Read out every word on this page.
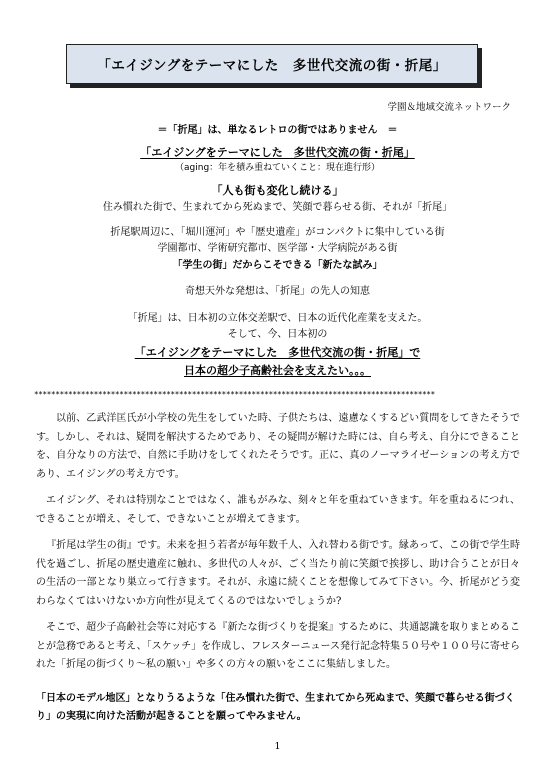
「エイジングをテーマにした　多世代交流の街・折尾」
学園＆地域交流ネットワーク

＝「折尾」は、単なるレトロの街ではありません　＝

「エイジングをテーマにした　多世代交流の街・折尾」

（aging：年を積み重ねていくこと：現在進行形）

「人も街も変化し続ける」

住み慣れた街で、生まれてから死ぬまで、笑顔で暮らせる街、それが「折尾」

折尾駅周辺に、「堀川運河」や「歴史遺産」がコンパクトに集中している街

学園都市、学術研究都市、医学部・大学病院がある街

「学生の街」だからこそできる「新たな試み」

奇想天外な発想は、「折尾」の先人の知恵

「折尾」は、日本初の立体交差駅で、日本の近代化産業を支えた。

そして、今、日本初の

「エイジングをテーマにした　多世代交流の街・折尾」で

日本の超少子高齢社会を支えたい。。。

**********************************************************************************************

以前、乙武洋匡氏が小学校の先生をしていた時、子供たちは、遠慮なくするどい質問をしてきたそうです。しかし、それは、疑問を解決するためであり、その疑問が解けた時には、自ら考え、自分にできることを、自分なりの方法で、自然に手助けをしてくれたそうです。正に、真のノーマライゼーションの考え方であり、エイジングの考え方です。

エイジング、それは特別なことではなく、誰もがみな、刻々と年を重ねていきます。年を重ねるにつれ、できることが増え、そして、できないことが増えてきます。

『折尾は学生の街』です。未来を担う若者が毎年数千人、入れ替わる街です。縁あって、この街で学生時代を過ごし、折尾の歴史遺産に触れ、多世代の人々が、ごく当たり前に笑顔で挨拶し、助け合うことが日々の生活の一部となり巣立って行きます。それが、永遠に続くことを想像してみて下さい。今、折尾がどう変わらなくてはいけないか方向性が見えてくるのではないでしょうか?

そこで、超少子高齢社会等に対応する『新たな街づくりを提案』するために、共通認識を取りまとめることが急務であると考え、「スケッチ」を作成し、フレスターニュース発行記念特集５０号や１００号に寄せられた「折尾の街づくり～私の願い」や多くの方々の願いをここに集結しました。

「日本のモデル地区」となりうるような「住み慣れた街で、生まれてから死ぬまで、笑顔で暮らせる街づくり」の実現に向けた活動が起きることを願ってやみません。
1
